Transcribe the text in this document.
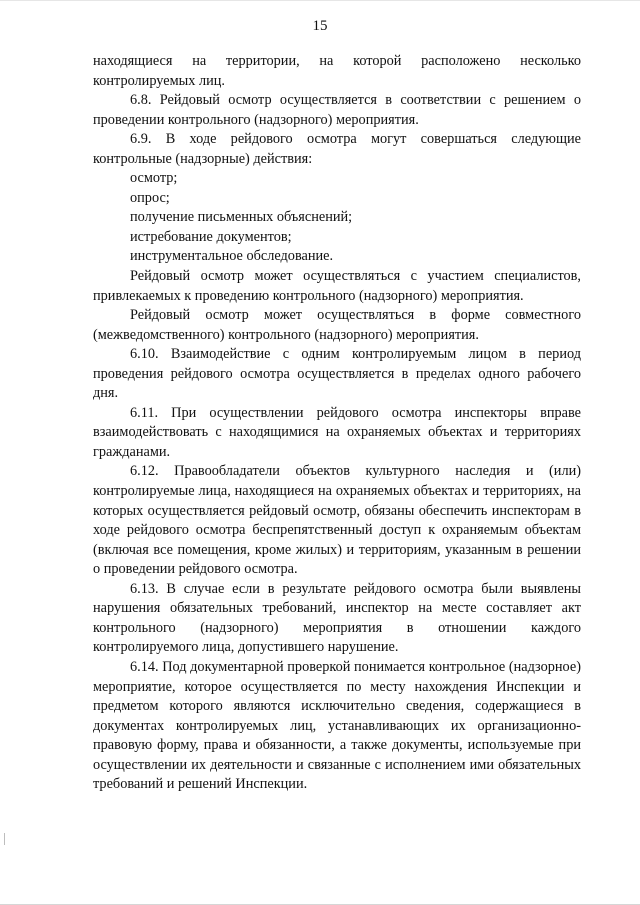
15

находящиеся на территории, на которой расположено несколько контролируемых лиц.

6.8. Рейдовый осмотр осуществляется в соответствии с решением о проведении контрольного (надзорного) мероприятия.

6.9. В ходе рейдового осмотра могут совершаться следующие контрольные (надзорные) действия:

осмотр;

опрос;

получение письменных объяснений;

истребование документов;

инструментальное обследование.

Рейдовый осмотр может осуществляться с участием специалистов, привлекаемых к проведению контрольного (надзорного) мероприятия.

Рейдовый осмотр может осуществляться в форме совместного (межведомственного) контрольного (надзорного) мероприятия.

6.10. Взаимодействие с одним контролируемым лицом в период проведения рейдового осмотра осуществляется в пределах одного рабочего дня.

6.11. При осуществлении рейдового осмотра инспекторы вправе взаимодействовать с находящимися на охраняемых объектах и территориях гражданами.

6.12. Правообладатели объектов культурного наследия и (или) контролируемые лица, находящиеся на охраняемых объектах и территориях, на которых осуществляется рейдовый осмотр, обязаны обеспечить инспекторам в ходе рейдового осмотра беспрепятственный доступ к охраняемым объектам (включая все помещения, кроме жилых) и территориям, указанным в решении о проведении рейдового осмотра.

6.13. В случае если в результате рейдового осмотра были выявлены нарушения обязательных требований, инспектор на месте составляет акт контрольного (надзорного) мероприятия в отношении каждого контролируемого лица, допустившего нарушение.

6.14. Под документарной проверкой понимается контрольное (надзорное) мероприятие, которое осуществляется по месту нахождения Инспекции и предметом которого являются исключительно сведения, содержащиеся в документах контролируемых лиц, устанавливающих их организационно-правовую форму, права и обязанности, а также документы, используемые при осуществлении их деятельности и связанные с исполнением ими обязательных требований и решений Инспекции.
